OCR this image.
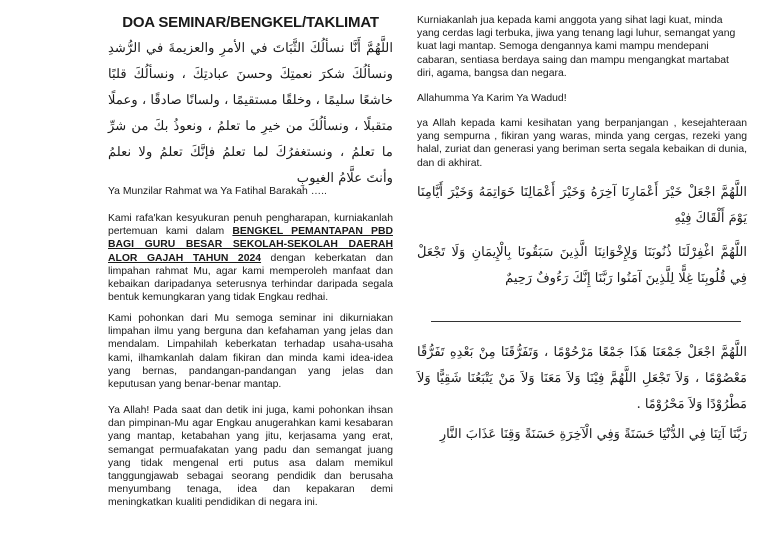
DOA SEMINAR/BENGKEL/TAKLIMAT

اللَّهُمَّ أَنَّا نسألُكَ الثَّبَاتَ في الأمرِ والعزيمةَ في الرُّشدِ ونسألُكَ شكرَ نعمتِكَ وحسنَ عبادتِكَ ، ونسألُكَ قلبًا خاشعًا سليمًا ، وخلقًا مستقيمًا ، ولسانًا صادقًا ، وعملًا متقبلًا ، ونسألُكَ من خيرِ ما تعلمُ ، ونعوذُ بكَ من شرِّ ما تعلمُ ، ونستغفرُكَ لما تعلمُ فإنَّكَ تعلمُ ولا نعلمُ وأنتَ علَّامُ الغيوبِ

Ya Munzilar Rahmat wa Ya Fatihal Barakah …..

Kami rafa'kan kesyukuran penuh pengharapan, kurniakanlah pertemuan kami dalam BENGKEL PEMANTAPAN PBD BAGI GURU BESAR SEKOLAH-SEKOLAH DAERAH ALOR GAJAH TAHUN 2024 dengan keberkatan dan limpahan rahmat Mu, agar kami memperoleh manfaat dan kebaikan daripadanya seterusnya terhindar daripada segala bentuk kemungkaran yang tidak Engkau redhai.

Kami pohonkan dari Mu semoga seminar ini dikurniakan limpahan ilmu yang berguna dan kefahaman yang jelas dan mendalam. Limpahilah keberkatan terhadap usaha-usaha kami, ilhamkanlah dalam fikiran dan minda kami idea-idea yang bernas, pandangan-pandangan yang jelas dan keputusan yang benar-benar mantap.

Ya Allah! Pada saat dan detik ini juga, kami pohonkan ihsan dan pimpinan-Mu agar Engkau anugerahkan kami kesabaran yang mantap, ketabahan yang jitu, kerjasama yang erat, semangat permuafakatan yang padu dan semangat juang yang tidak mengenal erti putus asa dalam memikul tanggungjawab sebagai seorang pendidik dan berusaha menyumbang tenaga, idea dan kepakaran demi meningkatkan kualiti pendidikan di negara ini.

Kurniakanlah jua kepada kami anggota yang sihat lagi kuat, minda yang cerdas lagi terbuka, jiwa yang tenang lagi luhur, semangat yang kuat lagi mantap. Semoga dengannya kami mampu mendepani cabaran, sentiasa berdaya saing dan mampu mengangkat martabat diri, agama, bangsa dan negara.

Allahumma Ya Karim Ya Wadud!

ya Allah kepada kami kesihatan yang berpanjangan , kesejahteraan yang sempurna , fikiran yang waras, minda yang cergas, rezeki yang halal, zuriat dan generasi yang beriman serta segala kebaikan di dunia, dan di akhirat.

اللَّهُمَّ اجْعَلْ خَيْرَ أَعْمَارِنَا آخِرَهُ وَخَيْرَ أَعْمَالِنَا خَوَاتِمَهُ وَخَيْرَ أَيَّامِنَا يَوْمَ أَلْقَاكَ فِيْهِ

اللَّهُمَّ اغْفِرْلَنَا ذُنُوبَنَا وَلِإِخْوَانِنَا الَّذِينَ سَبَقُونَا بِالْإِيمَانِ وَلَا تَجْعَلْ فِي قُلُوبِنَا غِلًّا لِلَّذِينَ آمَنُوا رَبَّنَا إِنَّكَ رَءُوفٌ رَحِيمٌ

اللَّهُمَّ اجْعَلْ جَمْعَنَا هَذَا جَمْعًا مَرْحُوْمًا ، وَتَفَرُّقَنَا مِنْ بَعْدِهِ تَفَرُّقًا مَعْصُوْمًا ، وَلاَ تَجْعَلِ اللَّهُمَّ فِيْنَا وَلاَ مَعَنَا وَلاَ مَنْ يَتْبَعُنَا شَقِيًّا وَلاَ مَطْرُوْدًا وَلاَ مَحْرُوْمًا .

رَبَّنَا آتِنَا فِي الدُّنْيَا حَسَنَةً وَفِي الْآخِرَةِ حَسَنَةً وَقِنَا عَذَابَ النَّارِ
